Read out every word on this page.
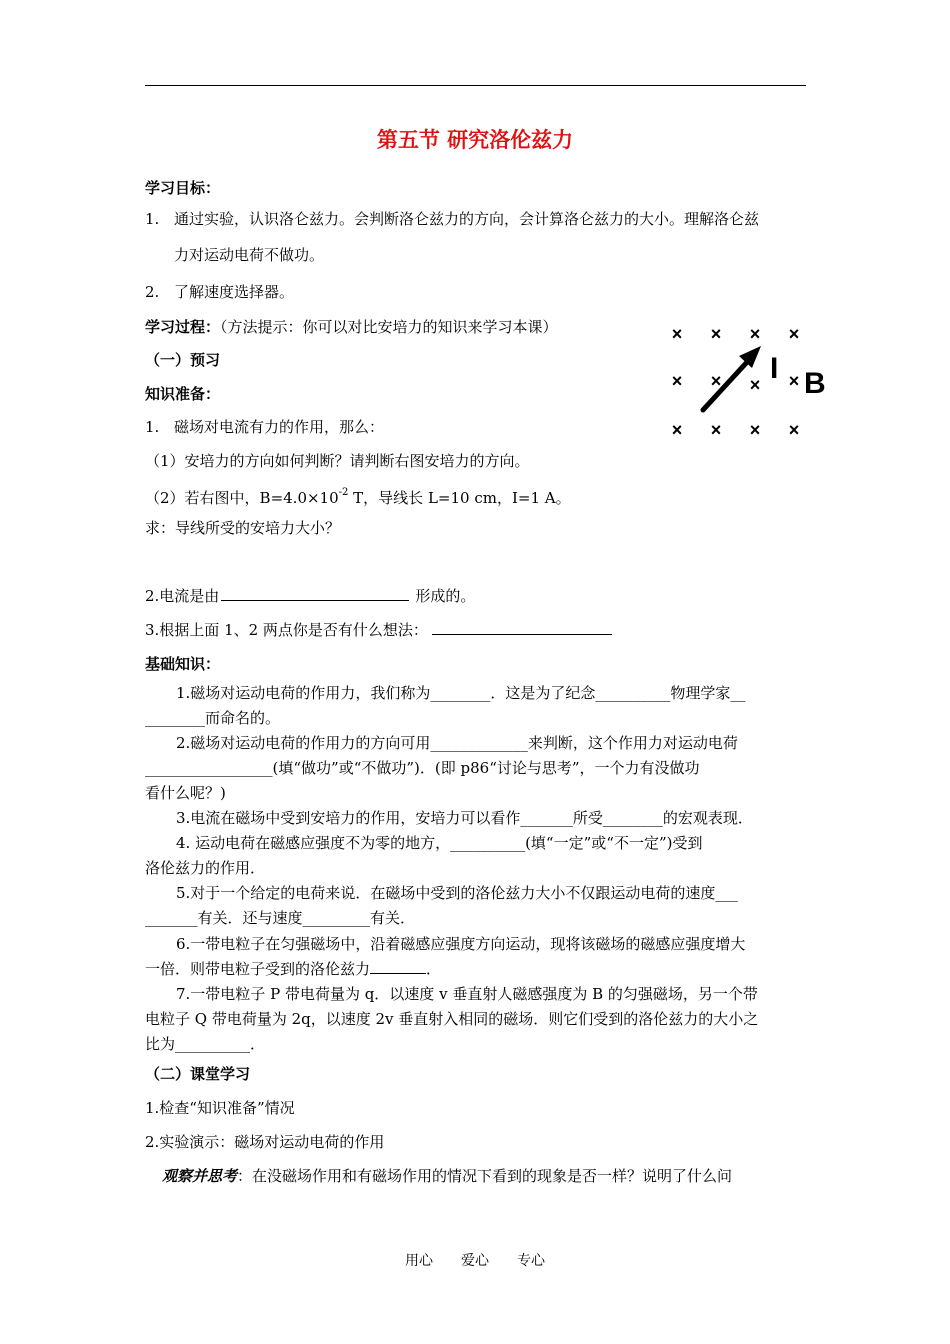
第五节 研究洛伦兹力
学习目标：
1. 通过实验，认识洛仑兹力。会判断洛仑兹力的方向，会计算洛仑兹力的大小。理解洛仑兹
力对运动电荷不做功。
2. 了解速度选择器。
学习过程：（方法提示：你可以对比安培力的知识来学习本课）
（一）预习
知识准备：
1. 磁场对电流有力的作用，那么：
（1）安培力的方向如何判断？请判断右图安培力的方向。
（2）若右图中，$B=4.0\times 10^{-2}$ T，导线长 L=10 cm，I=1 A。
求：导线所受的安培力大小？
2.电流是由	形成的。
3.根据上面 1、2 两点你是否有什么想法：
× × × ×
× × × ×
× × × ×
I B
基础知识：
1.磁场对运动电荷的作用力，我们称为________．这是为了纪念__________物理学家__
________而命名的。
2.磁场对运动电荷的作用力的方向可用_____________来判断，这个作用力对运动电荷
_________________(填“做功”或“不做功”)．(即 p86“讨论与思考”，一个力有没做功
看什么呢？)
3.电流在磁场中受到安培力的作用，安培力可以看作_______所受________的宏观表现．
4. 运动电荷在磁感应强度不为零的地方，__________(填“一定”或“不一定”)受到
洛伦兹力的作用．
5.对于一个给定的电荷来说．在磁场中受到的洛伦兹力大小不仅跟运动电荷的速度___
_______有关．还与速度_________有关．
6.一带电粒子在匀强磁场中，沿着磁感应强度方向运动，现将该磁场的磁感应强度增大
一倍．则带电粒子受到的洛伦兹力	．
7.一带电粒子 P 带电荷量为 q．以速度 v 垂直射人磁感强度为 B 的匀强磁场，另一个带
电粒子 Q 带电荷量为 2q，以速度 2v 垂直射入相同的磁场．则它们受到的洛伦兹力的大小之
比为__________．
（二）课堂学习
1.检查“知识准备”情况
2.实验演示：磁场对运动电荷的作用
观察并思考：在没磁场作用和有磁场作用的情况下看到的现象是否一样？说明了什么问
用心 爱心 专心
